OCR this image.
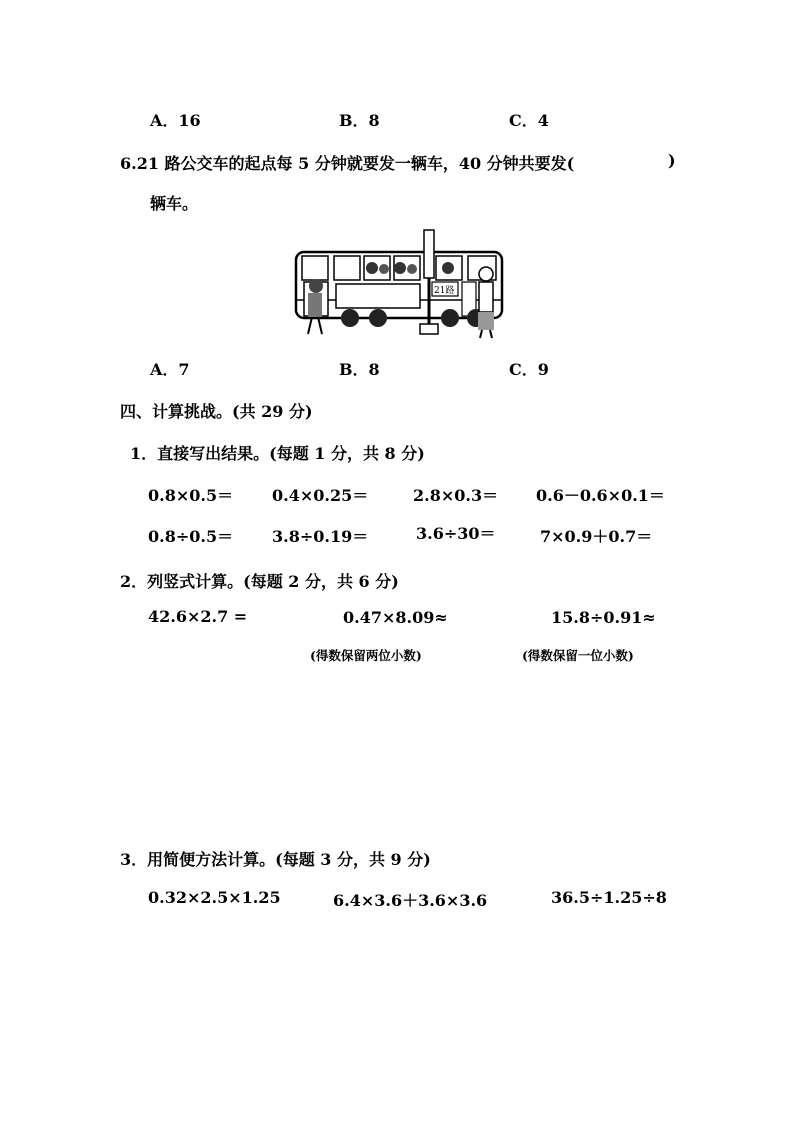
A．16	B．8	C．4
6.21 路公交车的起点每 5 分钟就要发一辆车，40 分钟共要发(	)
辆车。
21路
A．7	B．8	C．9
四、计算挑战。(共 29 分)
1．直接写出结果。(每题 1 分，共 8 分)
0.8×0.5＝ 0.4×0.25＝	2.8×0.3＝ 0.6－0.6×0.1＝
0.8÷0.5＝ 3.8÷0.19＝	3.6÷30＝	7×0.9＋0.7＝
2．列竖式计算。(每题 2 分，共 6 分)
42.6×2.7 =	0.47×8.09≈	15.8÷0.91≈
(得数保留两位小数)	(得数保留一位小数)
3．用简便方法计算。(每题 3 分，共 9 分)
0.32×2.5×1.25	6.4×3.6＋3.6×3.6	36.5÷1.25÷8
